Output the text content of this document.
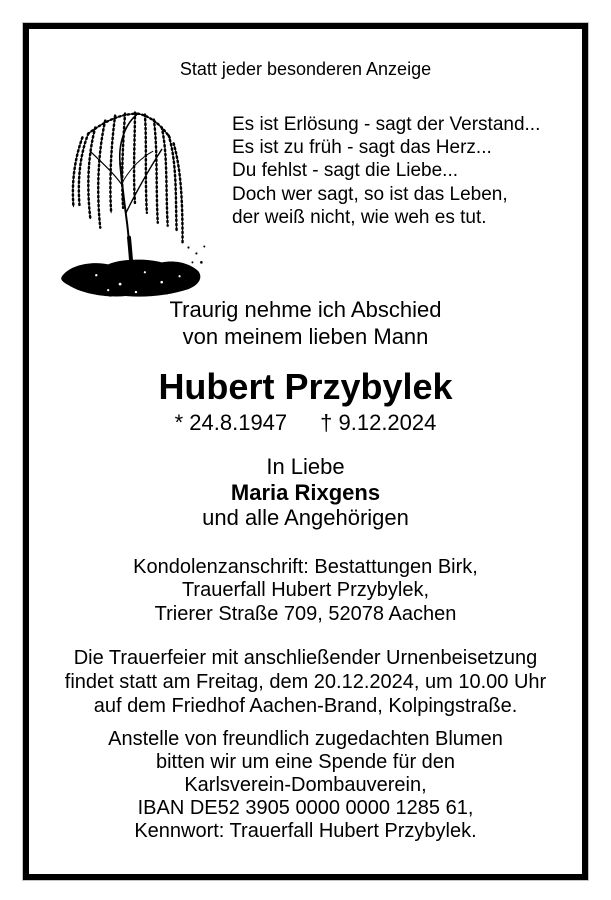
Statt jeder besonderen Anzeige
Es ist Erlösung - sagt der Verstand...
Es ist zu früh - sagt das Herz...
Du fehlst - sagt die Liebe...
Doch wer sagt, so ist das Leben,
der weiß nicht, wie weh es tut.
Traurig nehme ich Abschied
von meinem lieben Mann
Hubert Przybylek
* 24.8.1947 † 9.12.2024
In Liebe
Maria Rixgens
und alle Angehörigen
Kondolenzanschrift: Bestattungen Birk,
Trauerfall Hubert Przybylek,
Trierer Straße 709, 52078 Aachen
Die Trauerfeier mit anschließender Urnenbeisetzung
findet statt am Freitag, dem 20.12.2024, um 10.00 Uhr
auf dem Friedhof Aachen-Brand, Kolpingstraße.
Anstelle von freundlich zugedachten Blumen
bitten wir um eine Spende für den
Karlsverein-Dombauverein,
IBAN DE52 3905 0000 0000 1285 61,
Kennwort: Trauerfall Hubert Przybylek.
